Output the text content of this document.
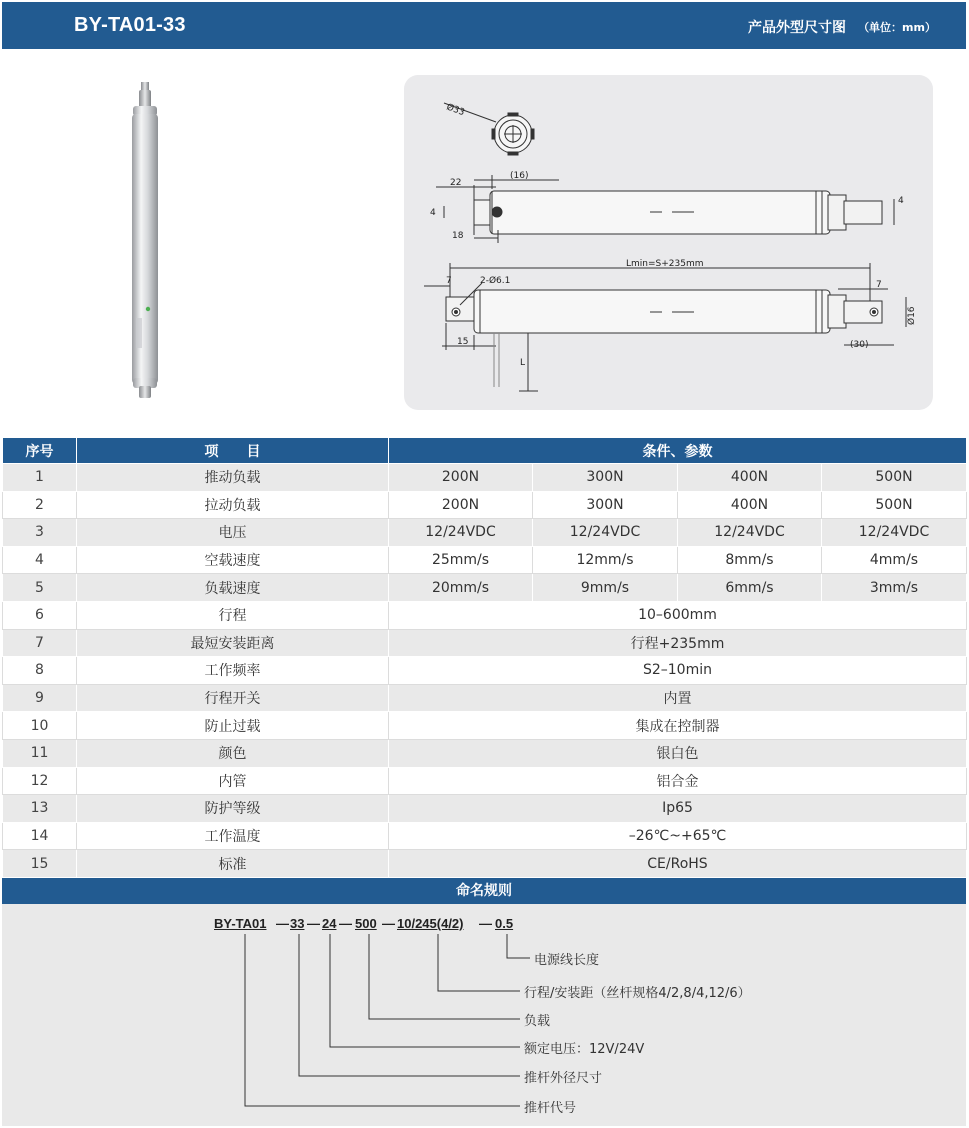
BY-TA01-33	产品外型尺寸图 （单位：mm）
Ø33
22
(16)
18
4
4
Lmin=S+235mm
2-Ø6.1
7	7
15	(30)
Ø16
L
序号	项　　目	条件、参数			
1	推动负载	200N	300N	400N	500N
2	拉动负载	200N	300N	400N	500N
3	电压	12/24VDC	12/24VDC	12/24VDC	12/24VDC
4	空载速度	25mm/s	12mm/s	8mm/s	4mm/s
5	负载速度	20mm/s	9mm/s	6mm/s	3mm/s
6	行程	10–600mm			
7	最短安装距离	行程+235mm			
8	工作频率	S2–10min			
9	行程开关	内置			
10	防止过载	集成在控制器			
11	颜色	银白色			
12	内管	铝合金			
13	防护等级	Ip65			
14	工作温度	–26℃~+65℃			
15	标准	CE/RoHS			
命名规则
BY-TA01 — 33 — 24 — 500 — 10/245(4/2) — 0.5
电源线长度
行程/安装距（丝杆规格4/2,8/4,12/6）
负载
额定电压：12V/24V
推杆外径尺寸
推杆代号
